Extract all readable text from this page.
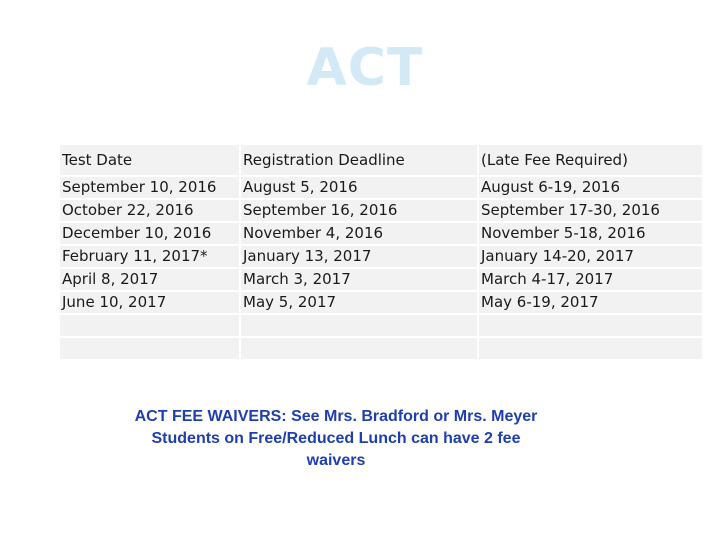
ACT
Test Date	Registration Deadline	(Late Fee Required)
September 10, 2016	August 5, 2016	August 6-19, 2016
October 22, 2016	September 16, 2016	September 17-30, 2016
December 10, 2016	November 4, 2016	November 5-18, 2016
February 11, 2017*	January 13, 2017	January 14-20, 2017
April 8, 2017	March 3, 2017	March 4-17, 2017
June 10, 2017	May 5, 2017	May 6-19, 2017
ACT FEE WAIVERS: See Mrs. Bradford or Mrs. Meyer
Students on Free/Reduced Lunch can have 2 fee
waivers
